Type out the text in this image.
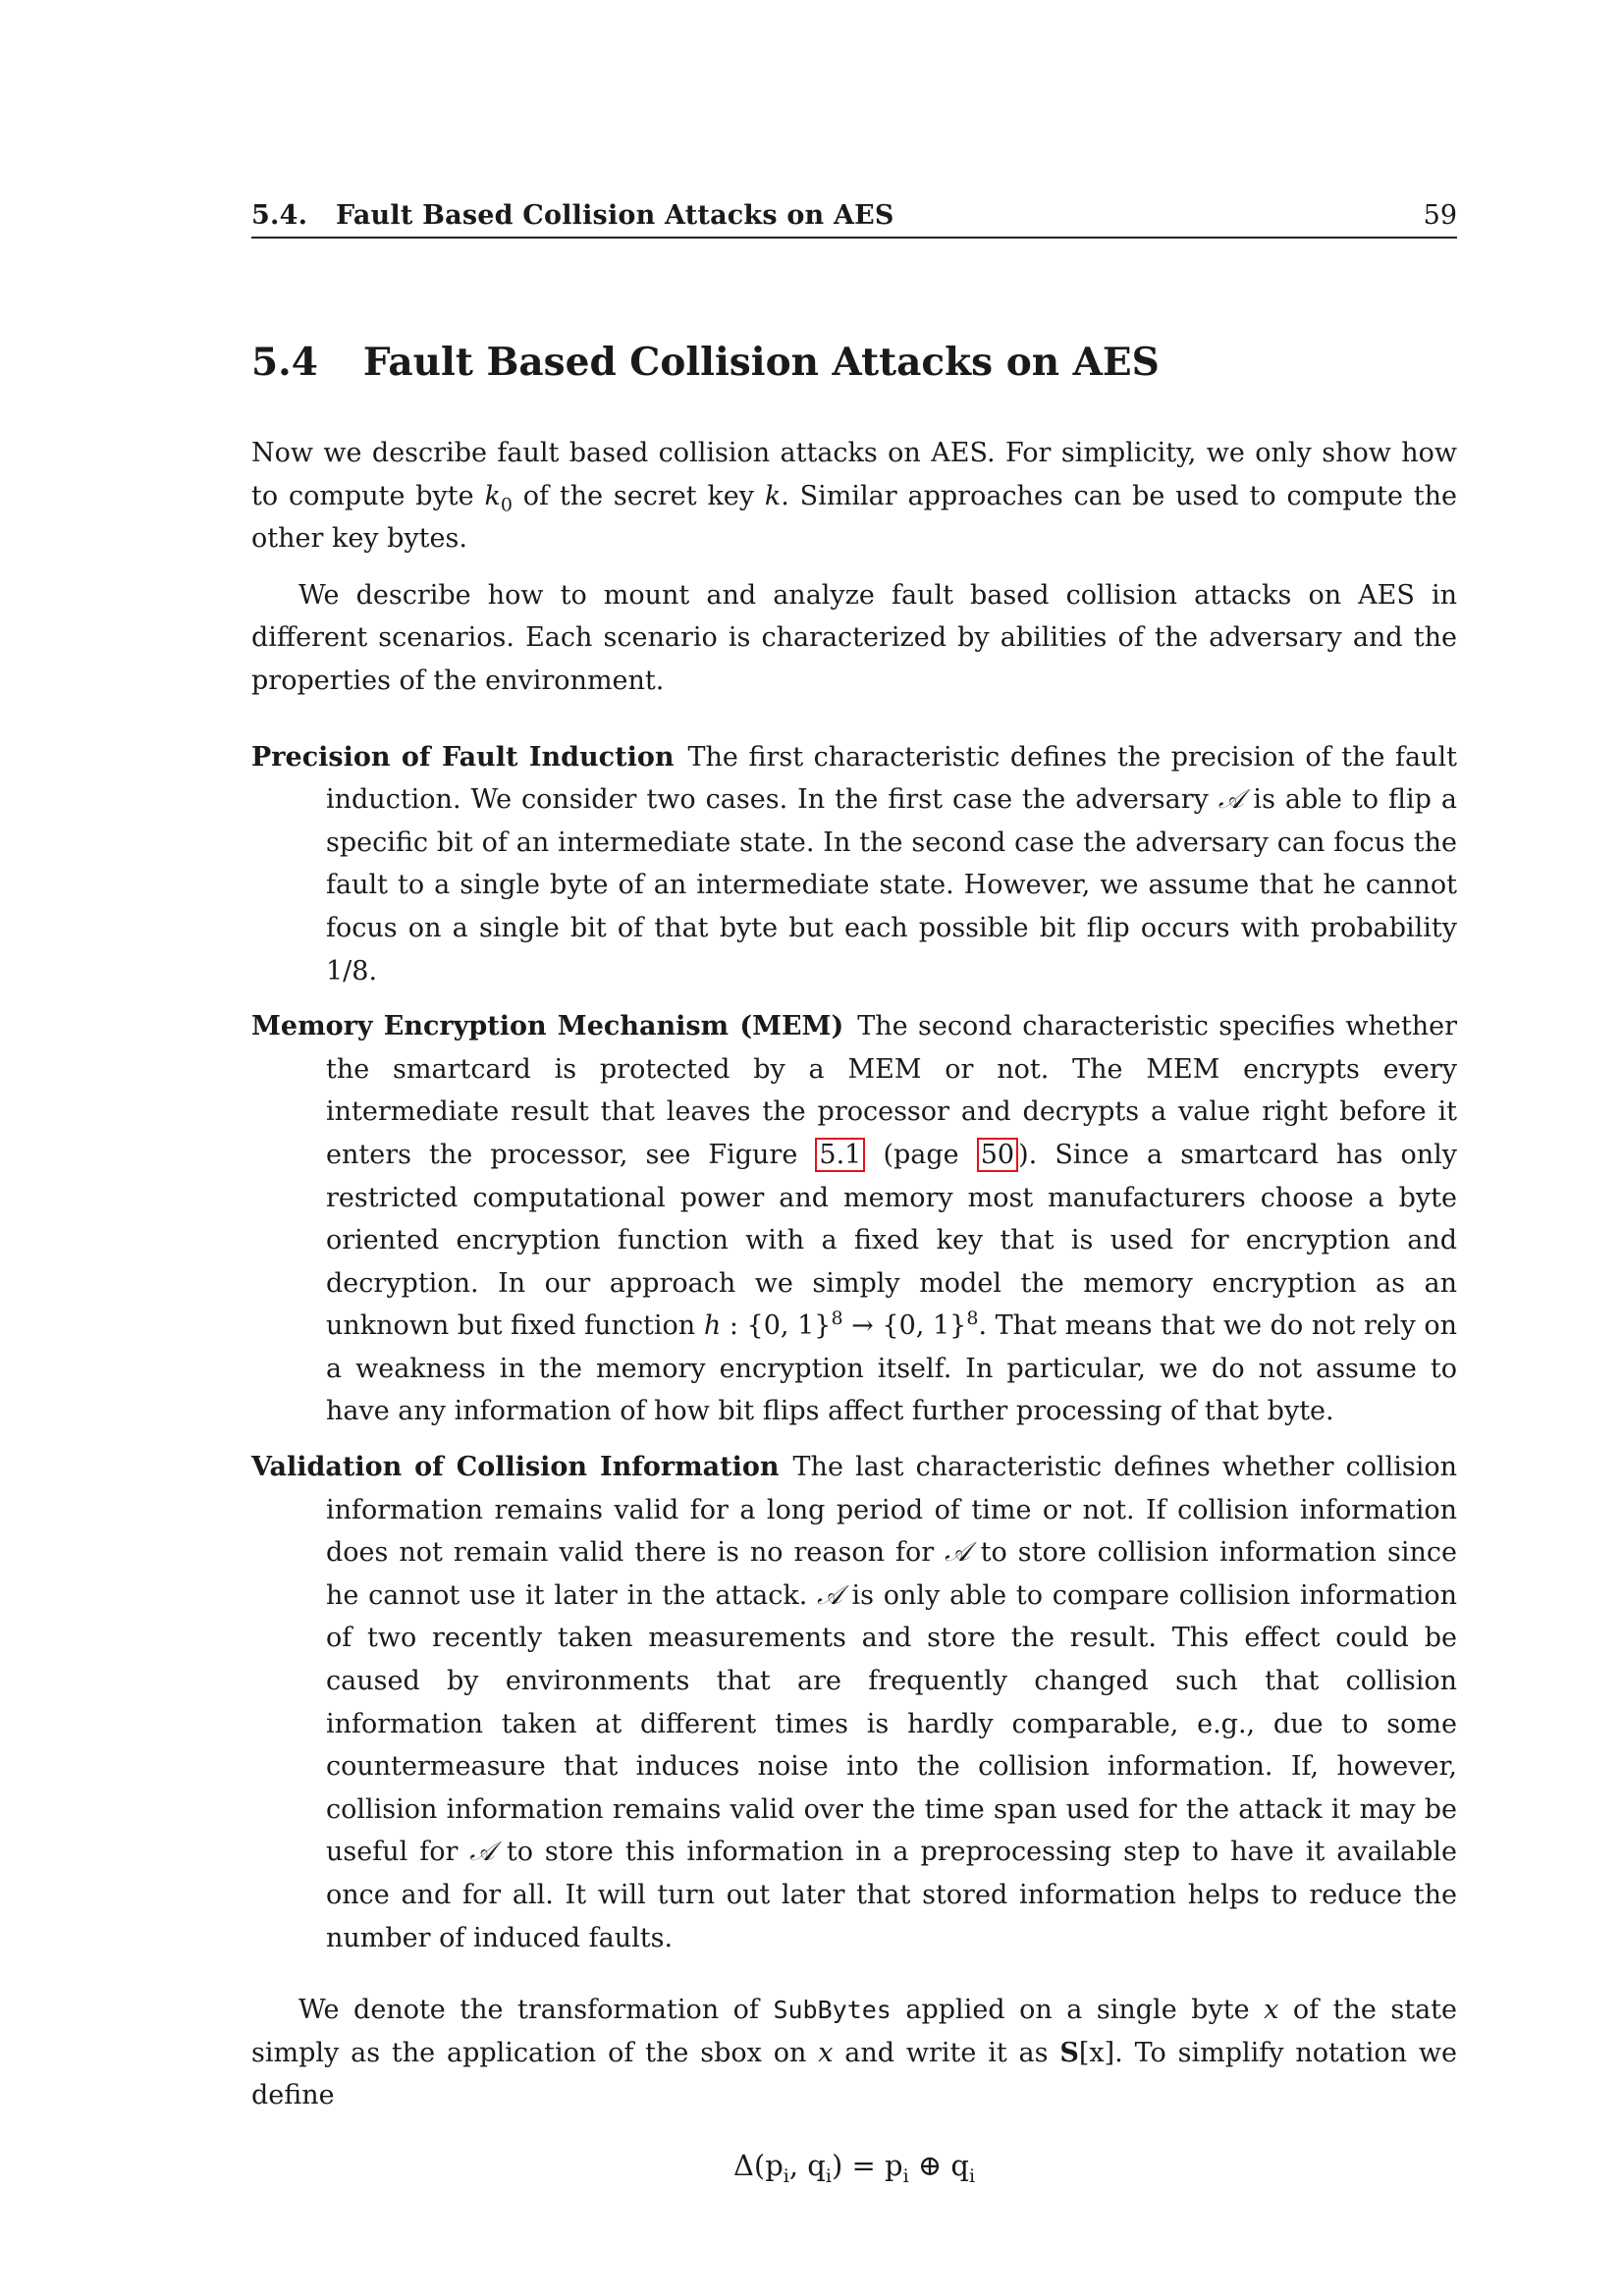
5.4.   Fault Based Collision Attacks on AES	59
5.4 Fault Based Collision Attacks on AES

Now we describe fault based collision attacks on AES. For simplicity, we only show how to compute byte $k_0$ of the secret key k. Similar approaches can be used to compute the other key bytes.

We describe how to mount and analyze fault based collision attacks on AES in different scenarios. Each scenario is characterized by abilities of the adversary and the properties of the environment.

Precision of Fault Induction The first characteristic defines the precision of the fault induction. We consider two cases. In the first case the adversary 𝒜 is able to flip a specific bit of an intermediate state. In the second case the adversary can focus the fault to a single byte of an intermediate state. However, we assume that he cannot focus on a single bit of that byte but each possible bit flip occurs with probability 1/8.
Memory Encryption Mechanism (MEM) The second characteristic specifies whether the smartcard is protected by a MEM or not. The MEM encrypts every intermediate result that leaves the processor and decrypts a value right before it enters the processor, see Figure 5.1 (page 50 ). Since a smartcard has only restricted computational power and memory most manufacturers choose a byte oriented encryption function with a fixed key that is used for encryption and decryption. In our approach we simply model the memory encryption as an unknown but fixed function h : {0, 1}$^8$ → {0, 1}$^8$. That means that we do not rely on a weakness in the memory encryption itself. In particular, we do not assume to have any information of how bit flips affect further processing of that byte.
Validation of Collision Information The last characteristic defines whether collision information remains valid for a long period of time or not. If collision information does not remain valid there is no reason for 𝒜 to store collision information since he cannot use it later in the attack. 𝒜 is only able to compare collision information of two recently taken measurements and store the result. This effect could be caused by environments that are frequently changed such that collision information taken at different times is hardly comparable, e.g., due to some countermeasure that induces noise into the collision information. If, however, collision information remains valid over the time span used for the attack it may be useful for 𝒜 to store this information in a preprocessing step to have it available once and for all. It will turn out later that stored information helps to reduce the number of induced faults.

We denote the transformation of SubBytes applied on a single byte x of the state simply as the application of the sbox on x and write it as S[x]. To simplify notation we define

$\Delta(p_i$, $q_i) = p_i$ ⊕ $q_i$
